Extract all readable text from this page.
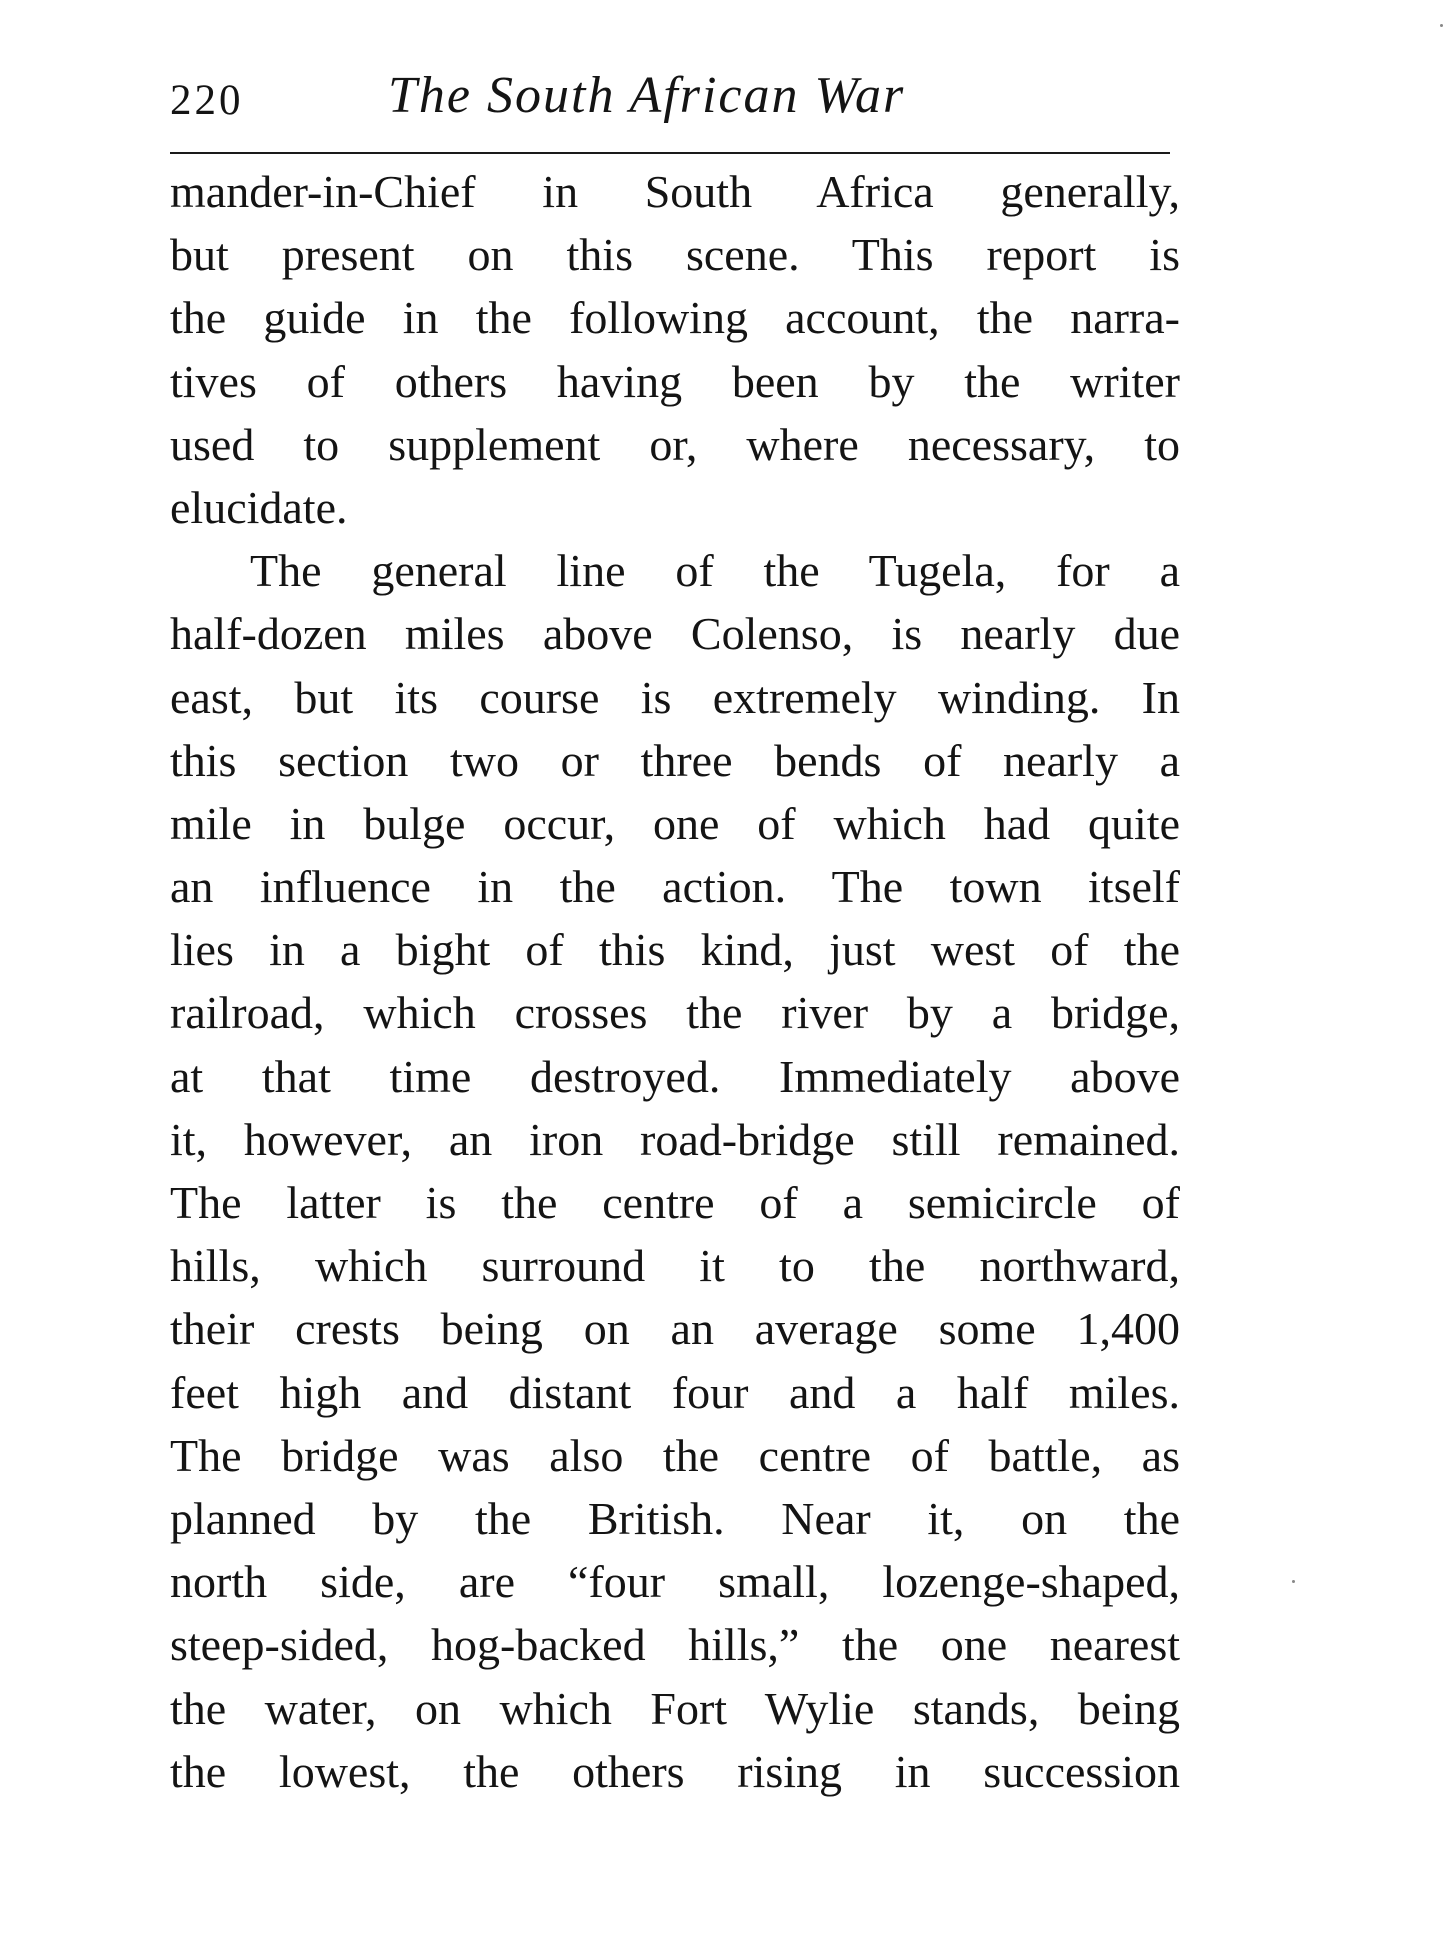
220	The South African War
mander-in-Chief in South Africa generally,
but present on this scene. This report is
the guide in the following account, the narra-
tives of others having been by the writer
used to supplement or, where necessary, to
elucidate.
The general line of the Tugela, for a
half-dozen miles above Colenso, is nearly due
east, but its course is extremely winding. In
this section two or three bends of nearly a
mile in bulge occur, one of which had quite
an influence in the action. The town itself
lies in a bight of this kind, just west of the
railroad, which crosses the river by a bridge,
at that time destroyed. Immediately above
it, however, an iron road-bridge still remained.
The latter is the centre of a semicircle of
hills, which surround it to the northward,
their crests being on an average some 1,400
feet high and distant four and a half miles.
The bridge was also the centre of battle, as
planned by the British. Near it, on the
north side, are “four small, lozenge-shaped,
steep-sided, hog-backed hills,” the one nearest
the water, on which Fort Wylie stands, being
the lowest, the others rising in succession
